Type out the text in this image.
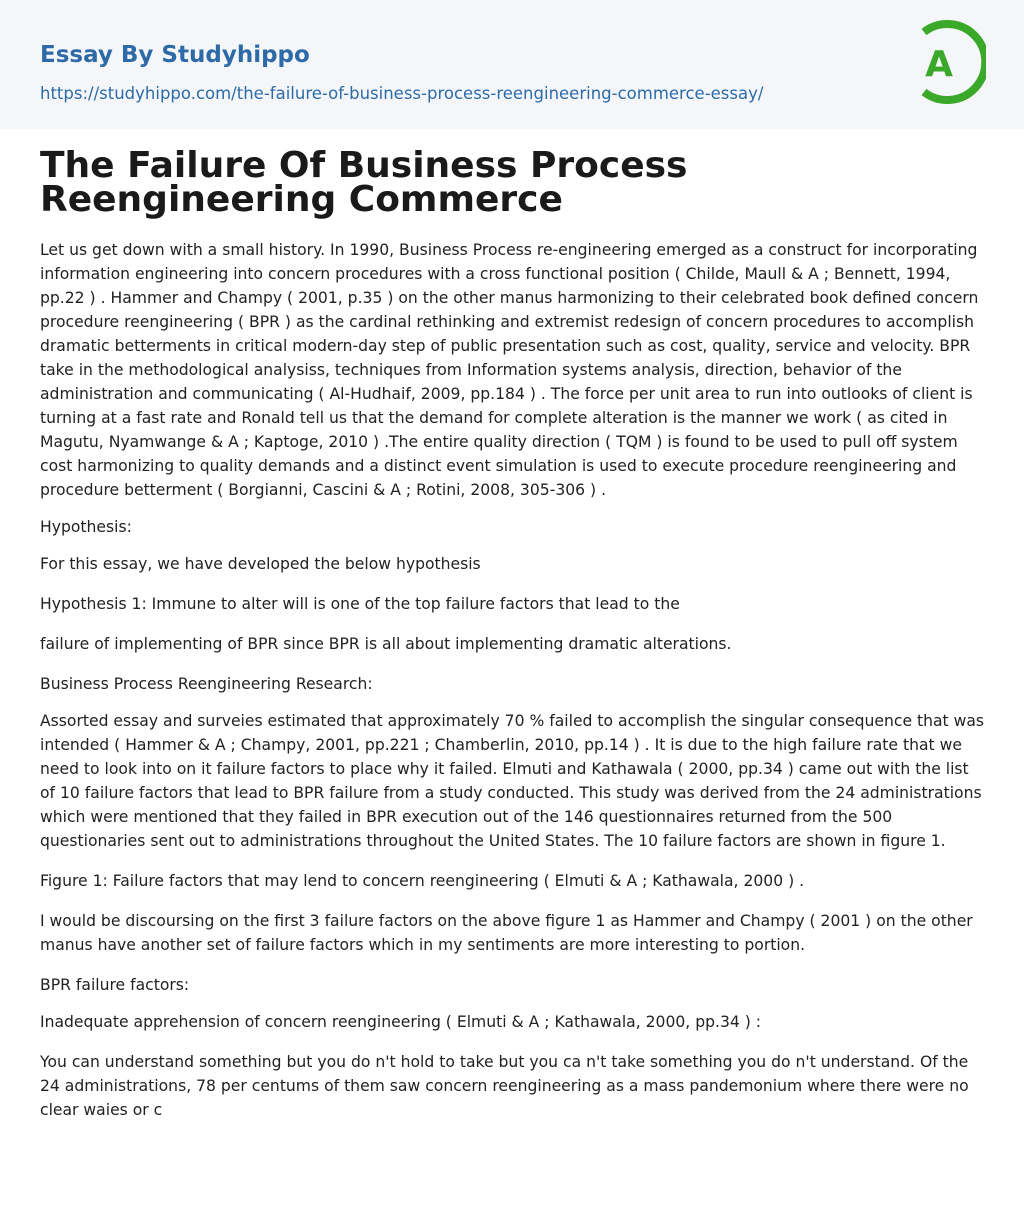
Essay By Studyhippo
https://studyhippo.com/the-failure-of-business-process-reengineering-commerce-essay/
A
The Failure Of Business Process Reengineering Commerce

Let us get down with a small history. In 1990, Business Process re-engineering emerged as a construct for incorporating information engineering into concern procedures with a cross functional position ( Childe, Maull & A ; Bennett, 1994, pp.22 ) . Hammer and Champy ( 2001, p.35 ) on the other manus harmonizing to their celebrated book defined concern procedure reengineering ( BPR ) as the cardinal rethinking and extremist redesign of concern procedures to accomplish dramatic betterments in critical modern-day step of public presentation such as cost, quality, service and velocity. BPR take in the methodological analysiss, techniques from Information systems analysis, direction, behavior of the administration and communicating ( Al-Hudhaif, 2009, pp.184 ) . The force per unit area to run into outlooks of client is turning at a fast rate and Ronald tell us that the demand for complete alteration is the manner we work ( as cited in Magutu, Nyamwange & A ; Kaptoge, 2010 ) .The entire quality direction ( TQM ) is found to be used to pull off system cost harmonizing to quality demands and a distinct event simulation is used to execute procedure reengineering and procedure betterment ( Borgianni, Cascini & A ; Rotini, 2008, 305-306 ) .

Hypothesis:

For this essay, we have developed the below hypothesis

Hypothesis 1: Immune to alter will is one of the top failure factors that lead to the

failure of implementing of BPR since BPR is all about implementing dramatic alterations.

Business Process Reengineering Research:

Assorted essay and surveies estimated that approximately 70 % failed to accomplish the singular consequence that was intended ( Hammer & A ; Champy, 2001, pp.221 ; Chamberlin, 2010, pp.14 ) . It is due to the high failure rate that we need to look into on it failure factors to place why it failed. Elmuti and Kathawala ( 2000, pp.34 ) came out with the list of 10 failure factors that lead to BPR failure from a study conducted. This study was derived from the 24 administrations which were mentioned that they failed in BPR execution out of the 146 questionnaires returned from the 500 questionaries sent out to administrations throughout the United States. The 10 failure factors are shown in figure 1.

Figure 1: Failure factors that may lend to concern reengineering ( Elmuti & A ; Kathawala, 2000 ) .

I would be discoursing on the first 3 failure factors on the above figure 1 as Hammer and Champy ( 2001 ) on the other manus have another set of failure factors which in my sentiments are more interesting to portion.

BPR failure factors:

Inadequate apprehension of concern reengineering ( Elmuti & A ; Kathawala, 2000, pp.34 ) :

You can understand something but you do n't hold to take but you ca n't take something you do n't understand. Of the 24 administrations, 78 per centums of them saw concern reengineering as a mass pandemonium where there were no clear waies or c
